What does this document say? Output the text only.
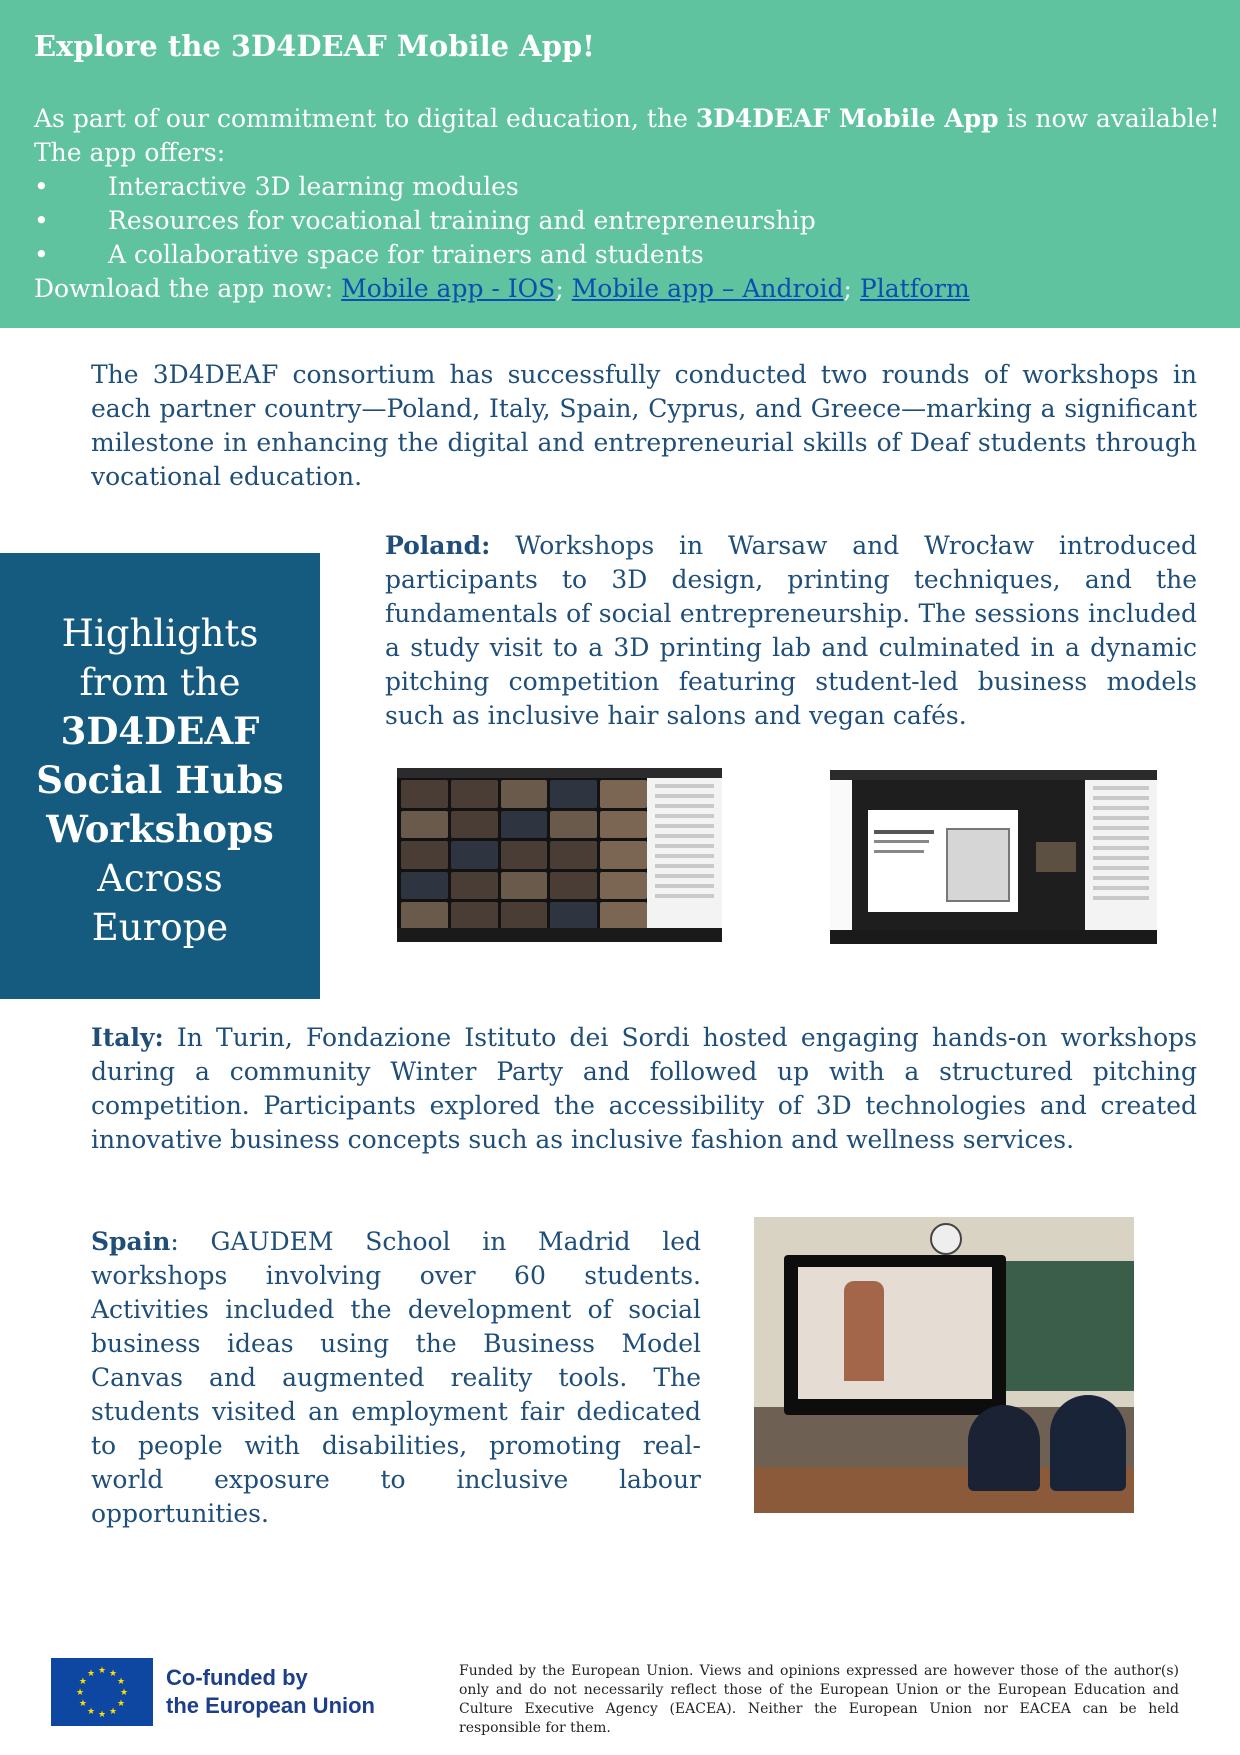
Explore the 3D4DEAF Mobile App!
As part of our commitment to digital education, the 3D4DEAF Mobile App is now available!
The app offers:
• Interactive 3D learning modules
• Resources for vocational training and entrepreneurship
• A collaborative space for trainers and students
Download the app now: Mobile app - IOS; Mobile app – Android; Platform
The 3D4DEAF consortium has successfully conducted two rounds of workshops in each partner country—Poland, Italy, Spain, Cyprus, and Greece—marking a significant milestone in enhancing the digital and entrepreneurial skills of Deaf students through vocational education.
Highlights
from the
3D4DEAF
Social Hubs
Workshops
Across
Europe
Poland: Workshops in Warsaw and Wrocław introduced participants to 3D design, printing techniques, and the fundamentals of social entrepreneurship. The sessions included a study visit to a 3D printing lab and culminated in a dynamic pitching competition featuring student-led business models such as inclusive hair salons and vegan cafés.
Italy: In Turin, Fondazione Istituto dei Sordi hosted engaging hands-on workshops during a community Winter Party and followed up with a structured pitching competition. Participants explored the accessibility of 3D technologies and created innovative business concepts such as inclusive fashion and wellness services.
Spain: GAUDEM School in Madrid led workshops involving over 60 students. Activities included the development of social business ideas using the Business Model Canvas and augmented reality tools. The students visited an employment fair dedicated to people with disabilities, promoting real-world exposure to inclusive labour opportunities.
★ ★
★
★
★
★
★
★
★
★
★
★	Co-funded by
the European Union
Funded by the European Union. Views and opinions expressed are however those of the author(s) only and do not necessarily reflect those of the European Union or the European Education and Culture Executive Agency (EACEA). Neither the European Union nor EACEA can be held responsible for them.
